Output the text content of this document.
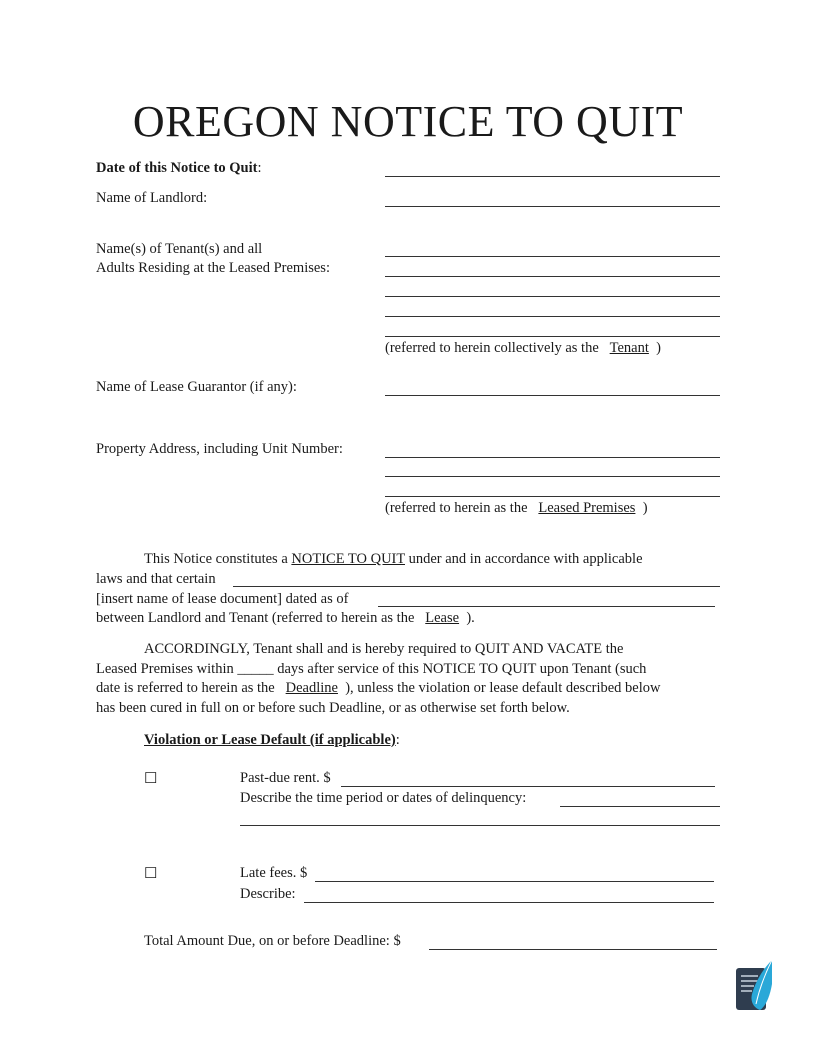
OREGON NOTICE TO QUIT
Date of this Notice to Quit:
Name of Landlord:
Name(s) of Tenant(s) and all
Adults Residing at the Leased Premises:
(referred to herein collectively as the Tenant )
Name of Lease Guarantor (if any):
Property Address, including Unit Number:
(referred to herein as the Leased Premises )
This Notice constitutes a NOTICE TO QUIT under and in accordance with applicable
laws and that certain
[insert name of lease document] dated as of
between Landlord and Tenant (referred to herein as the Lease ).
ACCORDINGLY, Tenant shall and is hereby required to QUIT AND VACATE the
Leased Premises within _____ days after service of this NOTICE TO QUIT upon Tenant (such
date is referred to herein as the Deadline ), unless the violation or lease default described below
has been cured in full on or before such Deadline, or as otherwise set forth below.
Violation or Lease Default (if applicable):
☐	Past-due rent. $
Describe the time period or dates of delinquency:
☐	Late fees. $
Describe:
Total Amount Due, on or before Deadline: $
